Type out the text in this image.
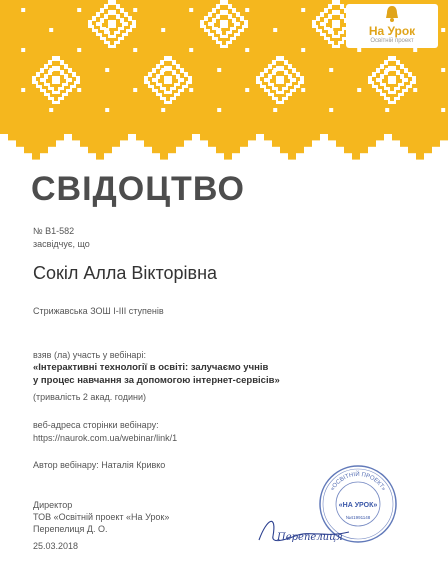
На Урок
Освітній проект
СВІДОЦТВО
№ В1-582
засвідчує, що
Сокіл Алла Вікторівна
Стрижавська ЗОШ І-ІІІ ступенів
взяв (ла) участь у вебінарі:
«Інтерактивні технології в освіті: залучаємо учнів
у процес навчання за допомогою інтернет-сервісів»
(тривалість 2 акад. години)
веб-адреса сторінки вебінару:
https://naurok.com.ua/webinar/link/1
Автор вебінару: Наталія Кривко
Директор
ТОВ «Освітній проект «На Урок»
Перепелиця Д. О.
25.03.2018
«ОСВІТНІЙ ПРОЕКТ»
«НА УРОК»
№41991148
Перепелиця
